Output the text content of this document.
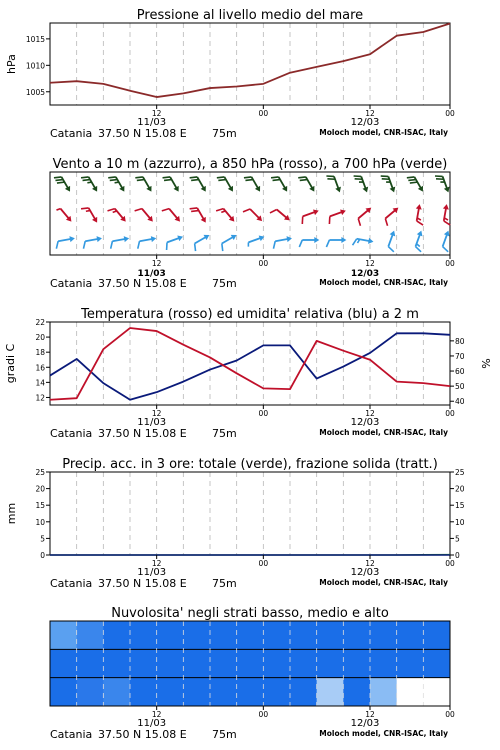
Pressione al livello medio del mare
1015
1010
1005
hPa
12	00	12	00
11/03	12/03
Catania 37.50 N 15.08 E 75m	Moloch model, CNR-ISAC, Italy
Vento a 10 m (azzurro), a 850 hPa (rosso), a 700 hPa (verde)
12	00	12	00
11/03	12/03
Catania 37.50 N 15.08 E 75m	Moloch model, CNR-ISAC, Italy
Temperatura (rosso) ed umidita' relativa (blu) a 2 m
22
20
18
16
14
12
80
70
60
50
40
gradi C	%
12	00	12	00
11/03	12/03
Catania 37.50 N 15.08 E 75m	Moloch model, CNR-ISAC, Italy
Precip. acc. in 3 ore: totale (verde), frazione solida (tratt.)
25
20
15
10
5
0
25
20
15
10
5
0
mm
12	00	12	00
11/03	12/03
Catania 37.50 N 15.08 E 75m	Moloch model, CNR-ISAC, Italy
Nuvolosita' negli strati basso, medio e alto
12	00	12	00
11/03	12/03
Catania 37.50 N 15.08 E 75m	Moloch model, CNR-ISAC, Italy
